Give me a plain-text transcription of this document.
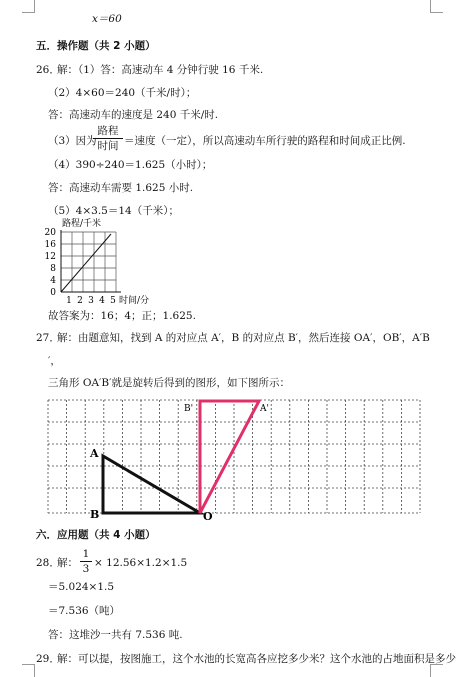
x＝60
五．操作题（共 2 小题）
26．
解：（1）答：高速动车 4 分钟行驶 16 千米.
（2）4×60＝240（千米/时）；
答：高速动车的速度是 240 千米/时.
（3）因为
路程
时间 ＝速度（一定），所以高速动车所行驶的路程和时间成正比例.
（4）390÷240＝1.625（小时）；
答：高速动车需要 1.625 小时.
（5）4×3.5＝14（千米）；
路程/千米
0
4
8
12
16
20
1 2 3 4 5 时间/分
故答案为：16；4；正；1.625.
27．
解：由题意知，找到 A 的对应点 A′，B 的对应点 B′，然后连接 OA′，OB′，A′B
′，
三角形 OA′B′就是旋转后得到的图形，如下图所示：
A
B	O
B'	A'
六．应用题（共 4 小题）
28．
解：
1
3 × 12.56×1.2×1.5
＝5.024×1.5
＝7.536（吨）
答：这堆沙一共有 7.536 吨.
29．
解：可以提，按图施工，这个水池的长宽高各应挖多少米？这个水池的占地面积是多少
